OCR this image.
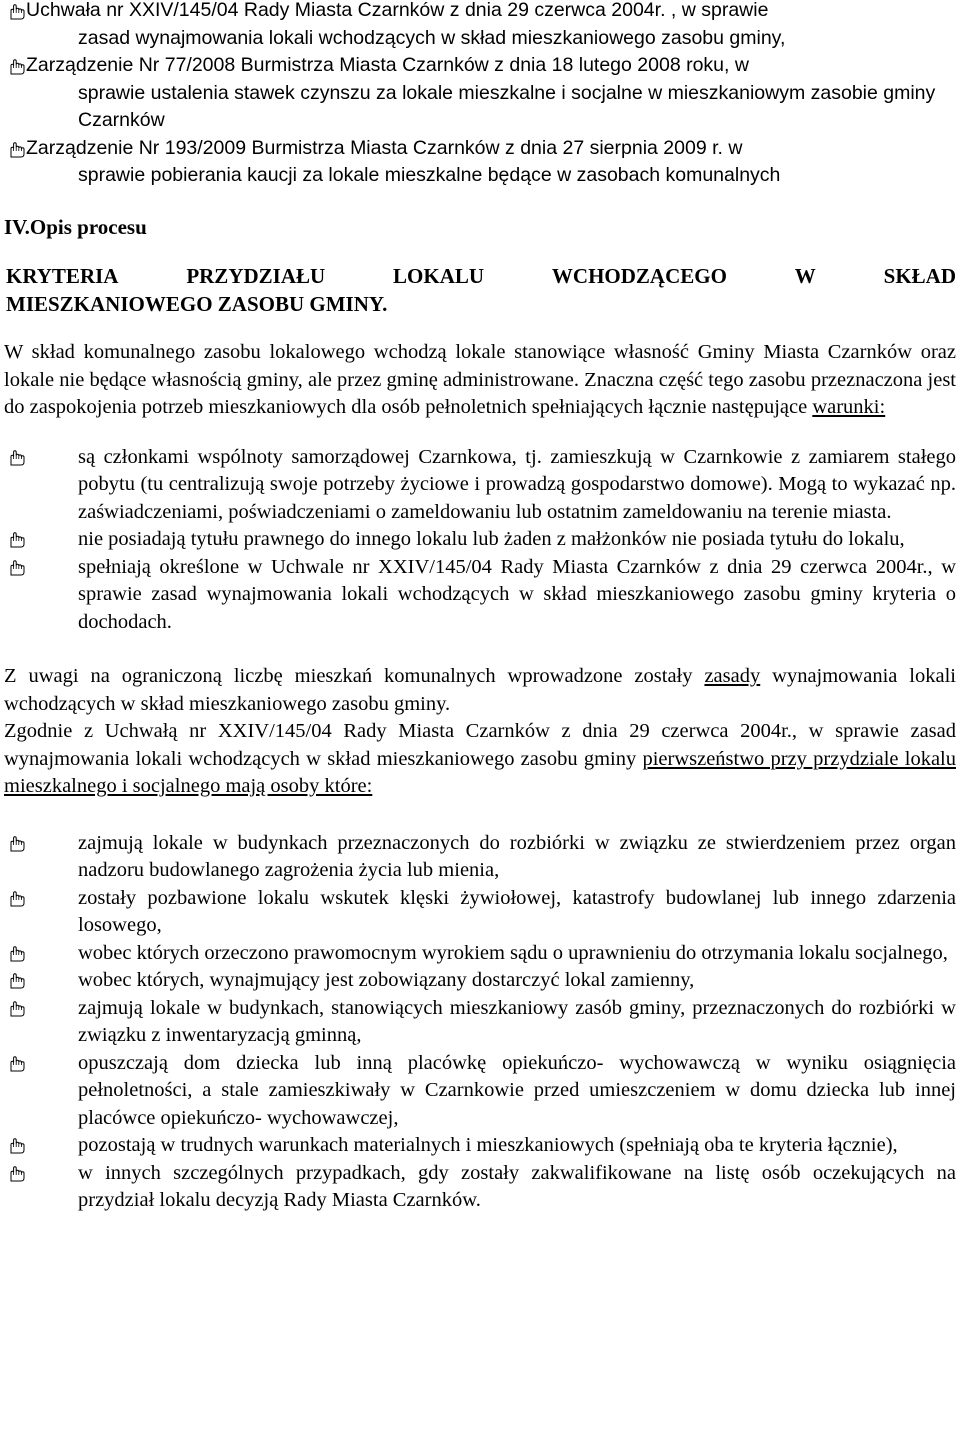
Uchwała nr XXIV/145/04 Rady Miasta Czarnków z dnia 29 czerwca 2004r. , w sprawie
zasad wynajmowania lokali wchodzących w skład mieszkaniowego zasobu gminy,
Zarządzenie Nr 77/2008 Burmistrza Miasta Czarnków z dnia 18 lutego 2008 roku, w
sprawie ustalenia stawek czynszu za lokale mieszkalne i socjalne w mieszkaniowym zasobie gminy Czarnków
Zarządzenie Nr 193/2009 Burmistrza Miasta Czarnków z dnia 27 sierpnia 2009 r. w
sprawie pobierania kaucji za lokale mieszkalne będące w zasobach komunalnych

IV.Opis procesu

KRYTERIA	PRZYDZIAŁU	LOKALU	WCHODZĄCEGO	W	SKŁAD
MIESZKANIOWEGO ZASOBU GMINY.

W skład komunalnego zasobu lokalowego wchodzą lokale stanowiące własność Gminy Miasta Czarnków oraz lokale nie będące własnością gminy, ale przez gminę administrowane. Znaczna część tego zasobu przeznaczona jest do zaspokojenia potrzeb mieszkaniowych dla osób pełnoletnich spełniających łącznie następujące warunki:

są członkami wspólnoty samorządowej Czarnkowa, tj. zamieszkują w Czarnkowie z zamiarem stałego pobytu (tu centralizują swoje potrzeby życiowe i prowadzą gospodarstwo domowe). Mogą to wykazać np. zaświadczeniami, poświadczeniami o zameldowaniu lub ostatnim zameldowaniu na terenie miasta.
nie posiadają tytułu prawnego do innego lokalu lub żaden z małżonków nie posiada tytułu do lokalu,
spełniają określone w Uchwale nr XXIV/145/04 Rady Miasta Czarnków z dnia 29 czerwca 2004r., w sprawie zasad wynajmowania lokali wchodzących w skład mieszkaniowego zasobu gminy kryteria o dochodach.

Z uwagi na ograniczoną liczbę mieszkań komunalnych wprowadzone zostały zasady wynajmowania lokali wchodzących w skład mieszkaniowego zasobu gminy.
Zgodnie z Uchwałą nr XXIV/145/04 Rady Miasta Czarnków z dnia 29 czerwca 2004r., w sprawie zasad wynajmowania lokali wchodzących w skład mieszkaniowego zasobu gminy pierwszeństwo przy przydziale lokalu mieszkalnego i socjalnego mają osoby które:

zajmują lokale w budynkach przeznaczonych do rozbiórki w związku ze stwierdzeniem przez organ nadzoru budowlanego zagrożenia życia lub mienia,
zostały pozbawione lokalu wskutek klęski żywiołowej, katastrofy budowlanej lub innego zdarzenia losowego,
wobec których orzeczono prawomocnym wyrokiem sądu o uprawnieniu do otrzymania lokalu socjalnego,
wobec których, wynajmujący jest zobowiązany dostarczyć lokal zamienny,
zajmują lokale w budynkach, stanowiących mieszkaniowy zasób gminy, przeznaczonych do rozbiórki w związku z inwentaryzacją gminną,
opuszczają dom dziecka lub inną placówkę opiekuńczo- wychowawczą w wyniku osiągnięcia pełnoletności, a stale zamieszkiwały w Czarnkowie przed umieszczeniem w domu dziecka lub innej placówce opiekuńczo- wychowawczej,
pozostają w trudnych warunkach materialnych i mieszkaniowych (spełniają oba te kryteria łącznie),
w innych szczególnych przypadkach, gdy zostały zakwalifikowane na listę osób oczekujących na przydział lokalu decyzją Rady Miasta Czarnków.
